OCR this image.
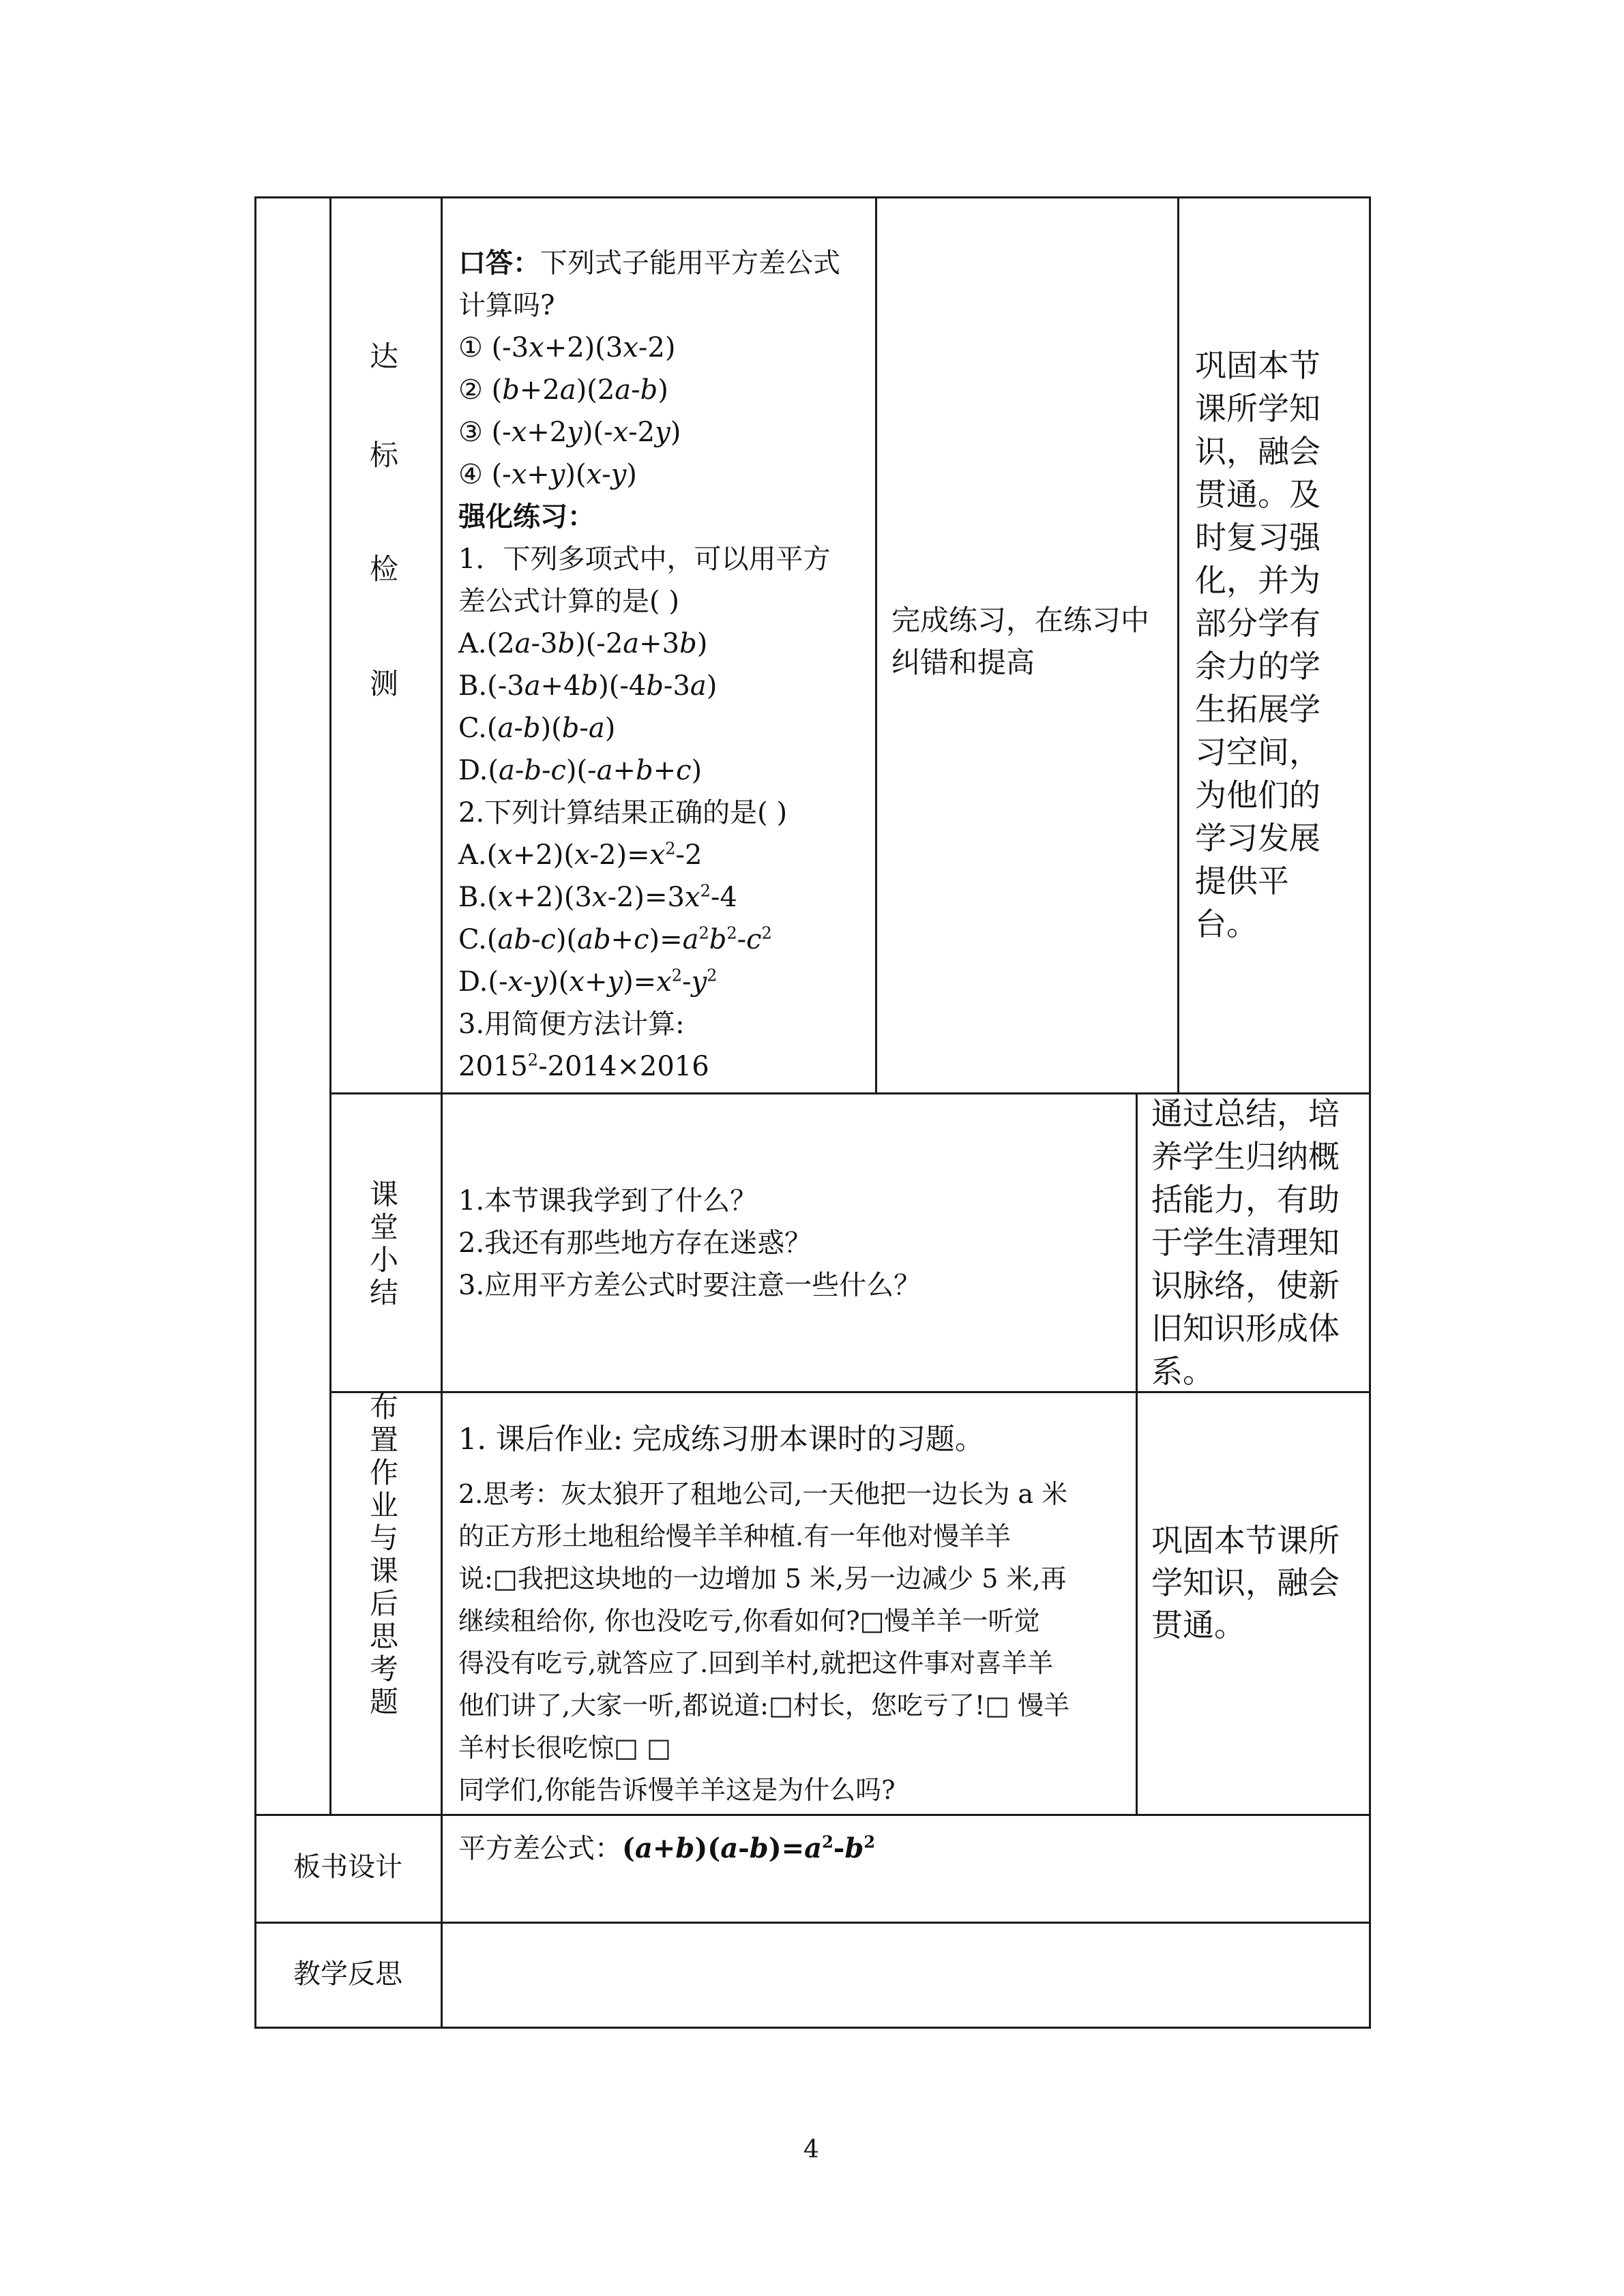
达
标
检
测
口答：下列式子能用平方差公式
计算吗?
① (-3x+2)(3x-2)
② (b+2a)(2a-b)
③ (-x+2y)(-x-2y)
④ (-x+y)(x-y)
强化练习：
1．下列多项式中，可以用平方
差公式计算的是( )
A.(2a-3b)(-2a+3b)
B.(-3a+4b)(-4b-3a)
C.(a-b)(b-a)
D.(a-b-c)(-a+b+c)
2.下列计算结果正确的是( )
$A.(x+2)(x-2)=x^2-2$
$B.(x+2)(3x-2)=3x^2-4$
$C.(ab-c)(ab+c)=a^2b^2-c^2$
$D.(-x-y)(x+y)=x^2-y^2$
3.用简便方法计算:
$2015^2-2014\times 2016$
完成练习，在练习中
纠错和提高
巩固本节
课所学知
识，融会
贯通。及
时复习强
化，并为
部分学有
余力的学
生拓展学
习空间，
为他们的
学习发展
提供平
台。
课
堂
小
结
1.本节课我学到了什么？
2.我还有那些地方存在迷惑？
3.应用平方差公式时要注意一些什么？
通过总结，培
养学生归纳概
括能力，有助
于学生清理知
识脉络，使新
旧知识形成体
系。
布
置
作
业
与
课
后
思
考
题
1. 课后作业: 完成练习册本课时的习题。
2.思考：灰太狼开了租地公司,一天他把一边长为 a 米
的正方形土地租给慢羊羊种植.有一年他对慢羊羊
说:□我把这块地的一边增加 5 米,另一边减少 5 米,再
继续租给你, 你也没吃亏,你看如何?□慢羊羊一听觉
得没有吃亏,就答应了.回到羊村,就把这件事对喜羊羊
他们讲了,大家一听,都说道:□村长，您吃亏了!□ 慢羊
羊村长很吃惊□ □
同学们,你能告诉慢羊羊这是为什么吗?
巩固本节课所
学知识，融会
贯通。
板书设计
平方差公式：$(a+b)(a-b)=a^2-b^2$
教学反思
4
